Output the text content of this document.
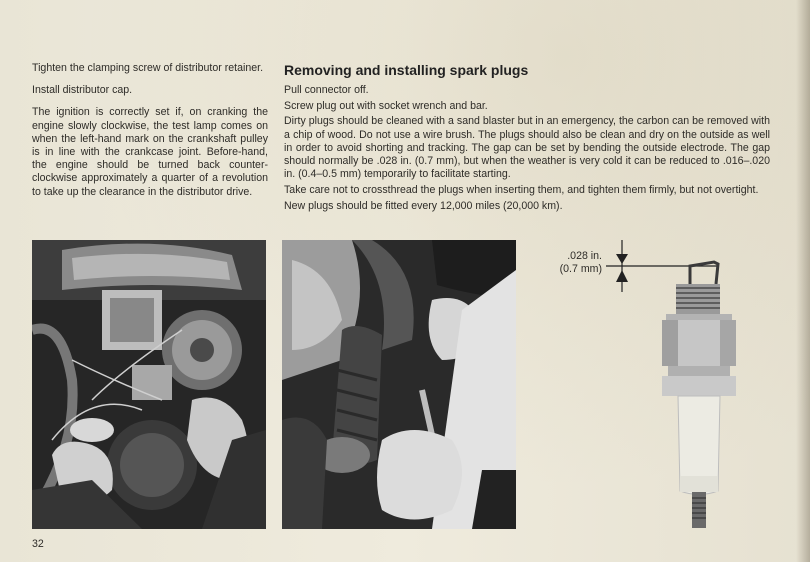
Tighten the clamping screw of distributor retainer.

Install distributor cap.

The ignition is correctly set if, on cranking the engine slowly clockwise, the test lamp comes on when the left-hand mark on the crankshaft pulley is in line with the crankcase joint. Before-hand, the engine should be turned back counter-clockwise approximately a quarter of a revolution to take up the clearance in the distributor drive.

Removing and installing spark plugs

Pull connector off.

Screw plug out with socket wrench and bar.

Dirty plugs should be cleaned with a sand blaster but in an emergency, the carbon can be removed with a chip of wood. Do not use a wire brush. The plugs should also be clean and dry on the outside as well in order to avoid shorting and tracking. The gap can be set by bending the outside electrode. The gap should normally be .028 in. (0.7 mm), but when the weather is very cold it can be reduced to .016–.020 in. (0.4–0.5 mm) temporarily to facilitate starting.

Take care not to crossthread the plugs when inserting them, and tighten them firmly, but not overtight.

New plugs should be fitted every 12,000 miles (20,000 km).

.028 in.
(0.7 mm)
32
